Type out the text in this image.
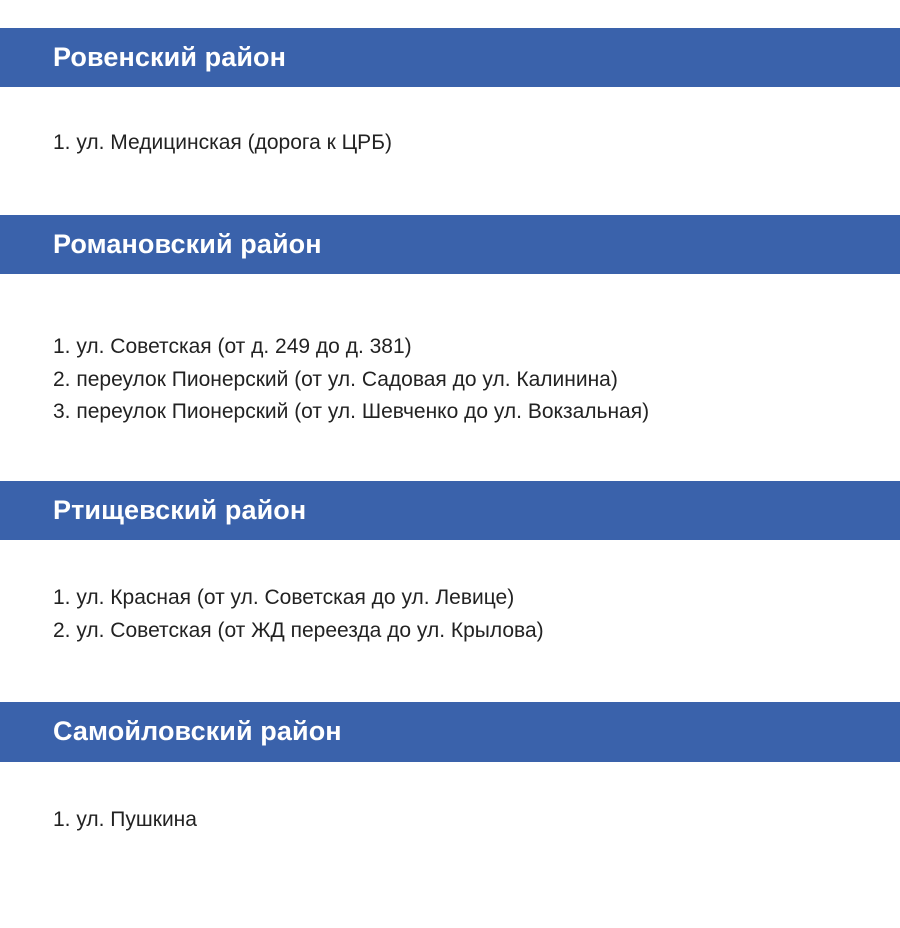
Ровенский район
1. ул. Медицинская (дорога к ЦРБ)
Романовский район
1. ул. Советская (от д. 249 до д. 381)
2. переулок Пионерский (от ул. Садовая до ул. Калинина)
3. переулок Пионерский (от ул. Шевченко до ул. Вокзальная)
Ртищевский район
1. ул. Красная (от ул. Советская до ул. Левице)
2. ул. Советская (от ЖД переезда до ул. Крылова)
Самойловский район
1. ул. Пушкина
